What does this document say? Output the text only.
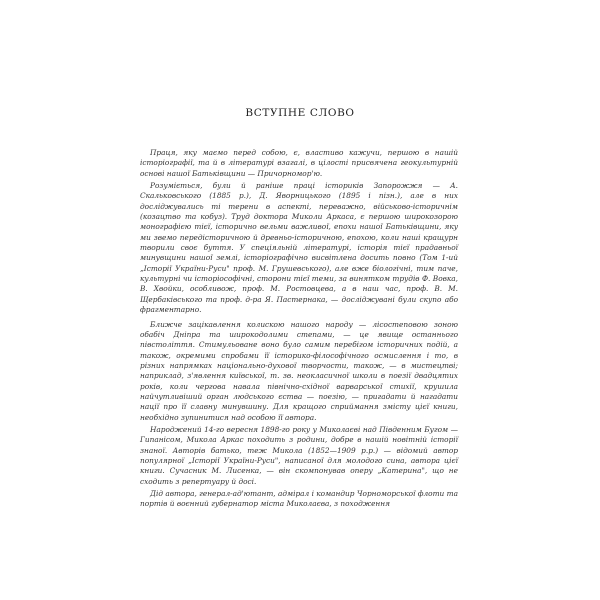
ВСТУПНЕ СЛОВО

Праця, яку маємо перед собою, є, властиво кажучи, першою в нашій історіографії, та й в літературі взагалі, в цілості присвячена геокультурній основі нашої Батьківщини — Причорномор'ю.

Розуміється, були й раніше праці істориків Запорожжя — А. Скальковського (1885 р.), Д. Яворницького (1895 і пізн.), але в них досліджувались ті терени в аспекті, переважно, військово-історичнім (козацтво та кобуз). Труд доктора Миколи Аркаса, є першою широкозорою монографією тієї, історично вельми важливої, епохи нашої Батьківщини, яку ми звемо передісторичною й древньо-історичною, епохою, коли наші кращурн творили своє буття. У спеціяльній літературі, історія тієї прадавньої минувщини нашої землі, історіографічно висвітлена досить повно (Том 1-ий „Історії України-Руси" проф. М. Грушевського), але вже біологічні, тим паче, культурні чи історіософічні, сторони тієї теми, за винятком трудів Ф. Вовка, В. Хвойки, особливож, проф. М. Ростовцева, а в наш час, проф. В. М. Щербаківського та проф. д-ра Я. Пастернака, — досліджувані були скупо або фрагментарно.

Ближче зацікавлення колискою нашого народу — лісостеповою зоною обабіч Дніпра та широкодолими степами, — це явище останнього півстоліття. Стимульоване воно було самим перебігом історичних подій, а також, окремими спробами її історико-філософічного осмислення і то, в різних напрямках національно-духової творчости, також, — в мистецтві; наприклад, з'явлення київської, т. зв. неокласичної школи в поезії двадцятих років, коли чергова навала північно-східної варварської стихії, крушила найчутливіший орган людського єства — поезію, — пригадати й нагадати нації про її славну минувшину. Для кращого сприймання змісту цієї книги, необхідно зупинитися над особою її автора.

Народжений 14-го вересня 1898-го року у Миколаєві над Південним Бугом — Гипанісом, Микола Аркас походить з родини, добре в нашій новітній історії знаної. Авторів батько, теж Микола (1852—1909 р.р.) — відомий автор популярної „Історії України-Руси", написаної для молодого сина, автора цієї книги. Сучасник М. Лисенка, — він скомпонував оперу „Катерина", що не сходить з репертуару й досі.

Дід автора, генерал-ад'ютант, адмірал і командир Чорноморської флоти та портів й воєнний губернатор міста Миколаєва, з походження
